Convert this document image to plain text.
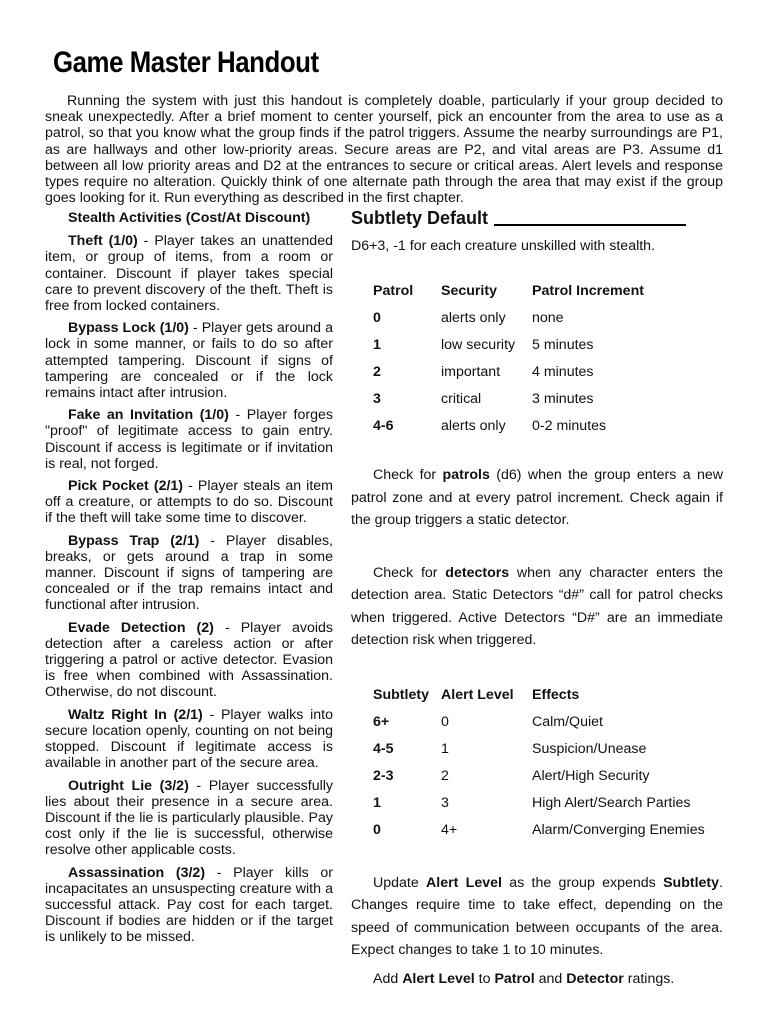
Game Master Handout

Running the system with just this handout is completely doable, particularly if your group decided to sneak unexpectedly. After a brief moment to center yourself, pick an encounter from the area to use as a patrol, so that you know what the group finds if the patrol triggers. Assume the nearby surroundings are P1, as are hallways and other low-priority areas. Secure areas are P2, and vital areas are P3. Assume d1 between all low priority areas and D2 at the entrances to secure or critical areas. Alert levels and response types require no alteration. Quickly think of one alternate path through the area that may exist if the group goes looking for it. Run everything as described in the first chapter.

Stealth Activities (Cost/At Discount)

Theft (1/0) - Player takes an unattended item, or group of items, from a room or container. Discount if player takes special care to prevent discovery of the theft. Theft is free from locked containers.

Bypass Lock (1/0) - Player gets around a lock in some manner, or fails to do so after attempted tampering. Discount if signs of tampering are concealed or if the lock remains intact after intrusion.

Fake an Invitation (1/0) - Player forges "proof" of legitimate access to gain entry. Discount if access is legitimate or if invitation is real, not forged.

Pick Pocket (2/1) - Player steals an item off a creature, or attempts to do so. Discount if the theft will take some time to discover.

Bypass Trap (2/1) - Player disables, breaks, or gets around a trap in some manner. Discount if signs of tampering are concealed or if the trap remains intact and functional after intrusion.

Evade Detection (2) - Player avoids detection after a careless action or after triggering a patrol or active detector. Evasion is free when combined with Assassination. Otherwise, do not discount.

Waltz Right In (2/1) - Player walks into secure location openly, counting on not being stopped. Discount if legitimate access is available in another part of the secure area.

Outright Lie (3/2) - Player successfully lies about their presence in a secure area. Discount if the lie is particularly plausible. Pay cost only if the lie is successful, otherwise resolve other applicable costs.

Assassination (3/2) - Player kills or incapacitates an unsuspecting creature with a successful attack. Pay cost for each target. Discount if bodies are hidden or if the target is unlikely to be missed.

Subtlety Default
D6+3, -1 for each creature unskilled with stealth.
Patrol	Security	Patrol Increment
0	alerts only	none
1	low security	5 minutes
2	important	4 minutes
3	critical	3 minutes
4-6	alerts only	0-2 minutes

Check for patrols (d6) when the group enters a new patrol zone and at every patrol increment. Check again if the group triggers a static detector.

Check for detectors when any character enters the detection area. Static Detectors “d#” call for patrol checks when triggered. Active Detectors “D#” are an immediate detection risk when triggered.

Subtlety	Alert Level	Effects
6+	0	Calm/Quiet
4-5	1	Suspicion/Unease
2-3	2	Alert/High Security
1	3	High Alert/Search Parties
0	4+	Alarm/Converging Enemies

Update Alert Level as the group expends Subtlety. Changes require time to take effect, depending on the speed of communication between occupants of the area. Expect changes to take 1 to 10 minutes.

Add Alert Level to Patrol and Detector ratings.
